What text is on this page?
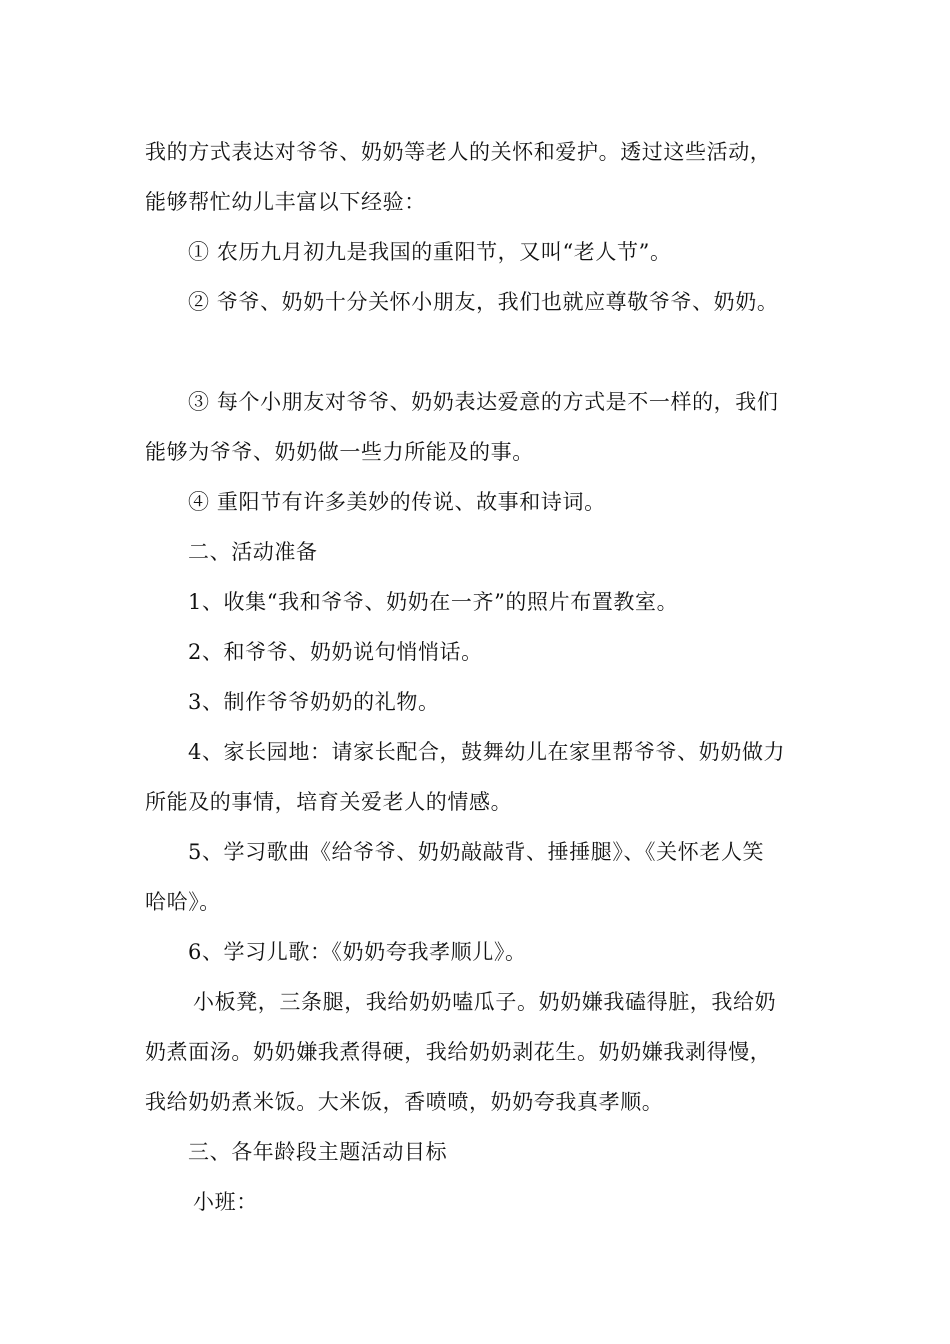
我的方式表达对爷爷、奶奶等老人的关怀和爱护。透过这些活动，
能够帮忙幼儿丰富以下经验：
① 农历九月初九是我国的重阳节，又叫“老人节”。
② 爷爷、奶奶十分关怀小朋友，我们也就应尊敬爷爷、奶奶。
③ 每个小朋友对爷爷、奶奶表达爱意的方式是不一样的，我们
能够为爷爷、奶奶做一些力所能及的事。
④ 重阳节有许多美妙的传说、故事和诗词。
二、活动准备
1、收集“我和爷爷、奶奶在一齐”的照片布置教室。
2、和爷爷、奶奶说句悄悄话。
3、制作爷爷奶奶的礼物。
4、家长园地：请家长配合，鼓舞幼儿在家里帮爷爷、奶奶做力
所能及的事情，培育关爱老人的情感。
5、学习歌曲《给爷爷、奶奶敲敲背、捶捶腿》、《关怀老人笑
哈哈》。
6、学习儿歌：《奶奶夸我孝顺儿》。
小板凳，三条腿，我给奶奶嗑瓜子。奶奶嫌我磕得脏，我给奶
奶煮面汤。奶奶嫌我煮得硬，我给奶奶剥花生。奶奶嫌我剥得慢，
我给奶奶煮米饭。大米饭，香喷喷，奶奶夸我真孝顺。
三、各年龄段主题活动目标
小班：
